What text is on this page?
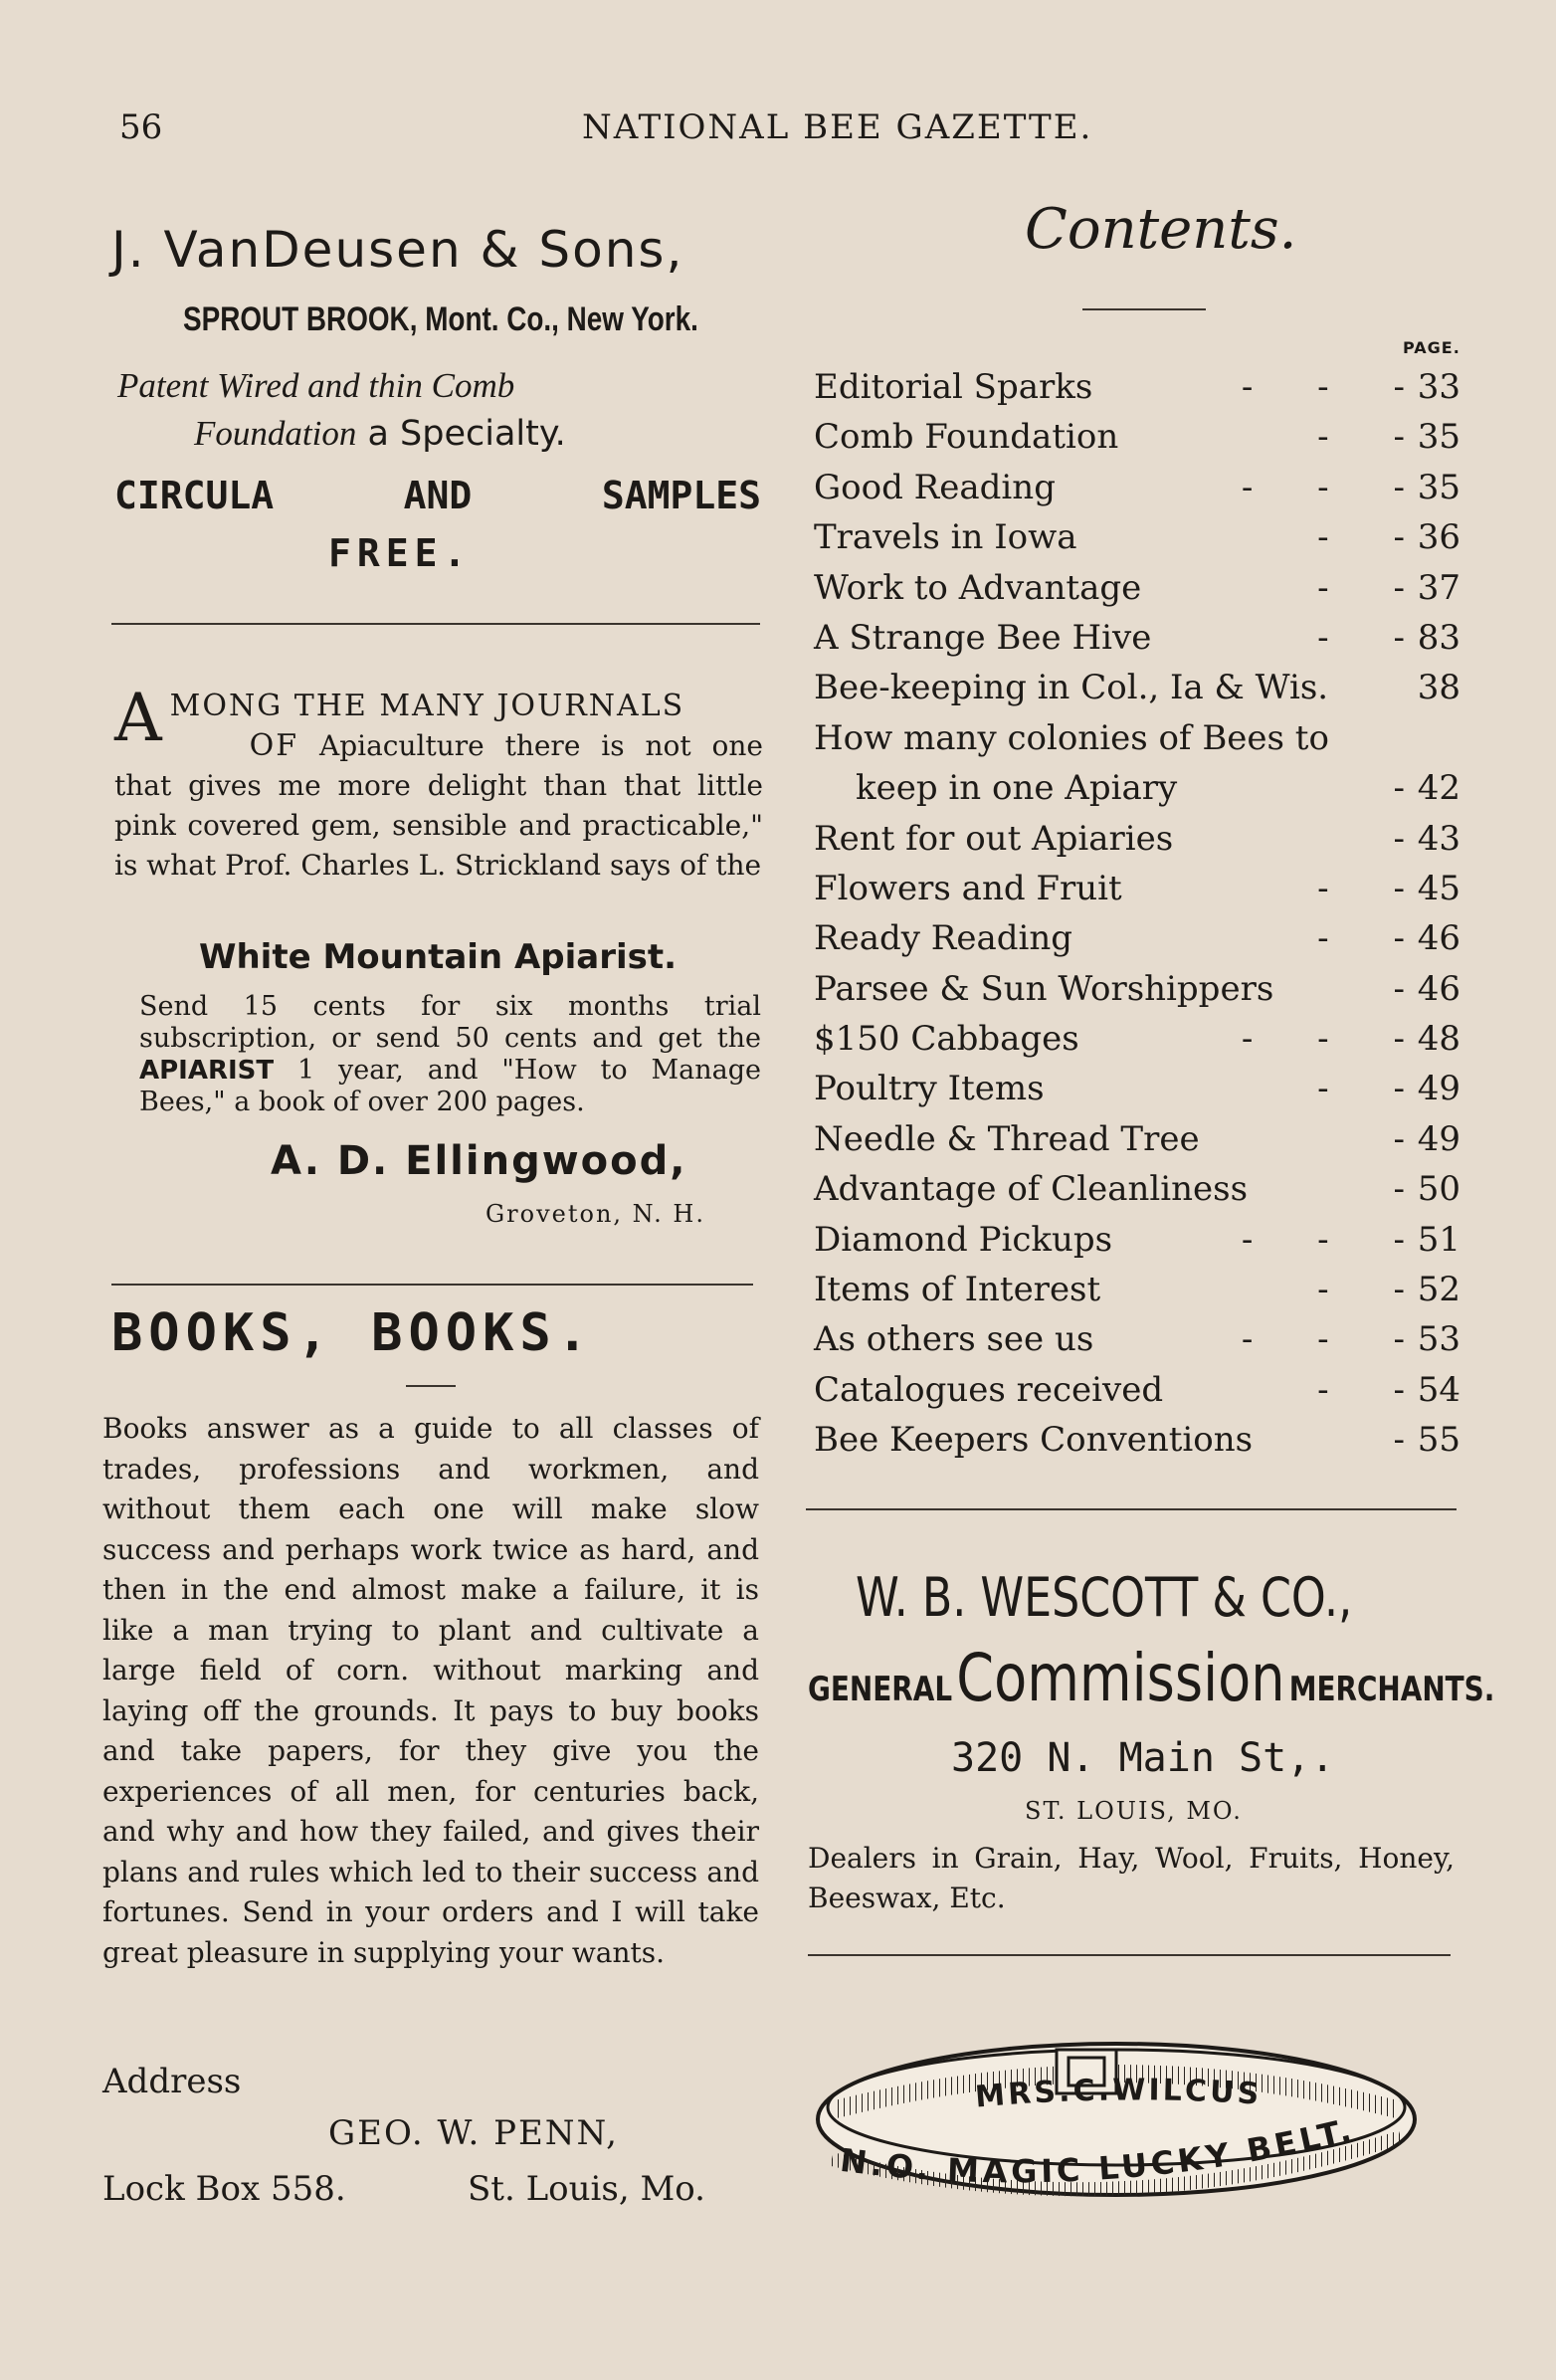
56	NATIONAL BEE GAZETTE.
J. VanDeusen & Sons,
SPROUT BROOK, Mont. Co., New York.
Patent Wired and thin Comb
Foundation a Specialty.
CIRCULA	AND	SAMPLES
FREE.
A MONG THE MANY JOURNALS
OF Apiaculture there is not one that gives me more delight than that little pink covered gem, sensible and practicable," is what Prof. Charles L. Strickland says of the
White Mountain Apiarist.
Send 15 cents for six months trial subscription, or send 50 cents and get the APIARIST 1 year, and "How to Manage Bees," a book of over 200 pages.
A. D. Ellingwood,
Groveton, N. H.
BOOKS, BOOKS.
Books answer as a guide to all classes of trades, professions and workmen, and without them each one will make slow success and perhaps work twice as hard, and then in the end almost make a failure, it is like a man trying to plant and cultivate a large field of corn. without marking and laying off the grounds. It pays to buy books and take papers, for they give you the experiences of all men, for centuries back, and why and how they failed, and gives their plans and rules which led to their success and fortunes. Send in your orders and I will take great pleasure in supplying your wants.
Address
GEO. W. PENN,
Lock Box 558.	St. Louis, Mo.
Contents.
PAGE.
Editorial Sparks	-      -      - 33
Comb Foundation	-      - 35
Good Reading	-      -      - 35
Travels in Iowa	-      - 36
Work to Advantage	-      - 37
A Strange Bee Hive	-      - 83
Bee-keeping in Col., Ia & Wis.	38
How many colonies of Bees to
keep in one Apiary	- 42
Rent for out Apiaries	- 43
Flowers and Fruit	-      - 45
Ready Reading	-      - 46
Parsee & Sun Worshippers	- 46
$150 Cabbages	-      -      - 48
Poultry Items	-      - 49
Needle & Thread Tree	- 49
Advantage of Cleanliness	- 50
Diamond Pickups	-      -      - 51
Items of Interest	-      - 52
As others see us	-      -      - 53
Catalogues received	-      - 54
Bee Keepers Conventions	- 55
W. B. WESCOTT & CO.,
GENERAL Commission MERCHANTS.
320 N. Main St,.
ST. LOUIS, MO.
Dealers in Grain, Hay, Wool, Fruits, Honey, Beeswax, Etc.
MRS.C.WILCUS
N.O. MAGIC LUCKY BELT.
